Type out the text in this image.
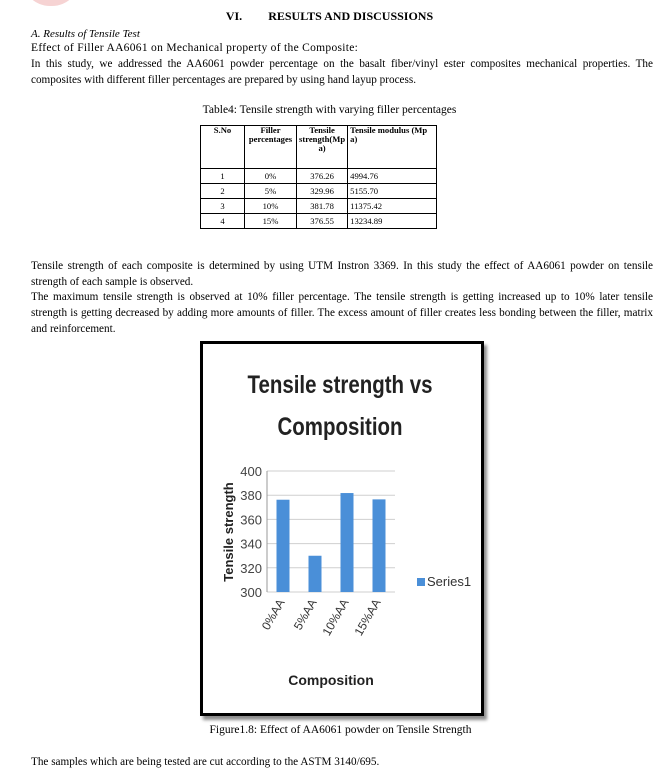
VI. RESULTS AND DISCUSSIONS
A. Results of Tensile Test
Effect of Filler AA6061 on Mechanical property of the Composite:

In this study, we addressed the AA6061 powder percentage on the basalt fiber/vinyl ester composites mechanical properties. The composites with different filler percentages are prepared by using hand layup process.

Table4: Tensile strength with varying filler percentages
S.No	Filler percentages	Tensile strength(Mp a)	Tensile modulus (Mp a)
1	0%	376.26	4994.76
2	5%	329.96	5155.70
3	10%	381.78	11375.42
4	15%	376.55	13234.89

Tensile strength of each composite is determined by using UTM Instron 3369. In this study the effect of AA6061 powder on tensile strength of each sample is observed.

The maximum tensile strength is observed at 10% filler percentage. The tensile strength is getting increased up to 10% later tensile strength is getting decreased by adding more amounts of filler. The excess amount of filler creates less bonding between the filler, matrix and reinforcement.

Tensile strength vs
Composition
300
320
340
360
380
400
0%AA 5%AA 10%AA 15%AA
Tensile strength
Composition
Series1
Figure1.8: Effect of AA6061 powder on Tensile Strength

The samples which are being tested are cut according to the ASTM 3140/695.
